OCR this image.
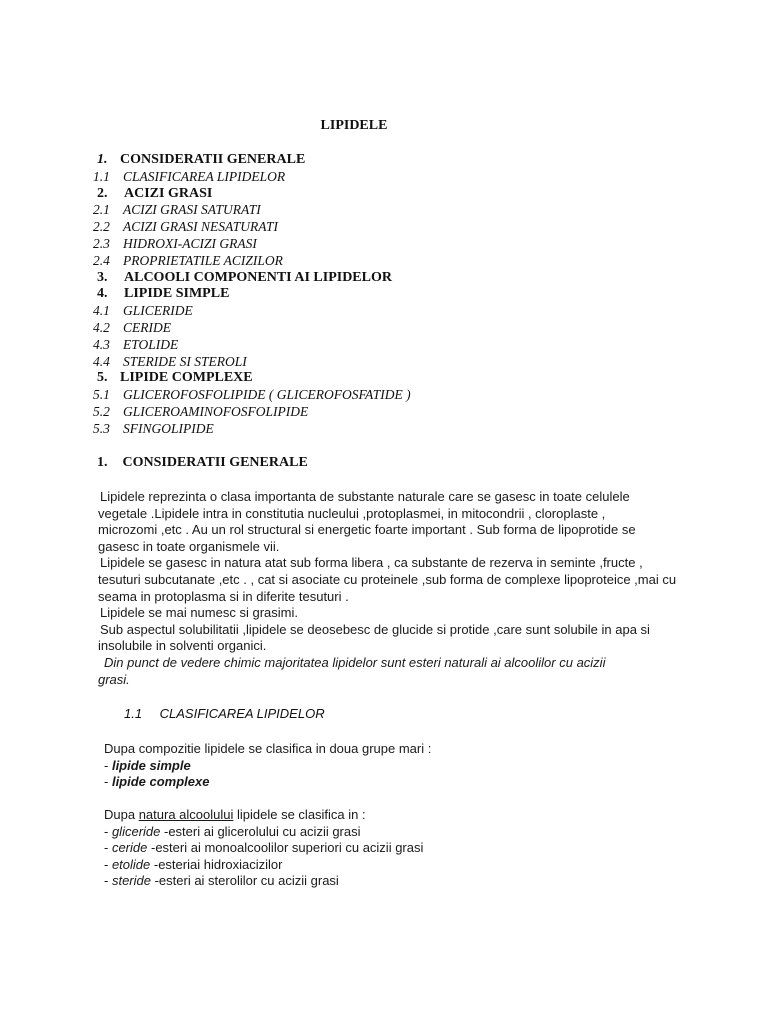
LIPIDELE
1. CONSIDERATII GENERALE
1.1 CLASIFICAREA LIPIDELOR
2. ACIZI GRASI
2.1 ACIZI GRASI SATURATI
2.2 ACIZI GRASI NESATURATI
2.3 HIDROXI-ACIZI GRASI
2.4 PROPRIETATILE ACIZILOR
3. ALCOOLI COMPONENTI AI LIPIDELOR
4. LIPIDE SIMPLE
4.1 GLICERIDE
4.2 CERIDE
4.3 ETOLIDE
4.4 STERIDE SI STEROLI
5. LIPIDE COMPLEXE
5.1 GLICEROFOSFOLIPIDE ( GLICEROFOSFATIDE )
5.2 GLICEROAMINOFOSFOLIPIDE
5.3 SFINGOLIPIDE
1. CONSIDERATII GENERALE
Lipidele reprezinta o clasa importanta de substante naturale care se gasesc in toate celulele
vegetale .Lipidele intra in constitutia nucleului ,protoplasmei, in mitocondrii , cloroplaste ,
microzomi ,etc . Au un rol structural si energetic foarte important . Sub forma de lipoprotide se
gasesc in toate organismele vii.
Lipidele se gasesc in natura atat sub forma libera , ca substante de rezerva in seminte ,fructe ,
tesuturi subcutanate ,etc . , cat si asociate cu proteinele ,sub forma de complexe lipoproteice ,mai cu
seama in protoplasma si in diferite tesuturi .
Lipidele se mai numesc si grasimi.
Sub aspectul solubilitatii ,lipidele se deosebesc de glucide si protide ,care sunt solubile in apa si
insolubile in solventi organici.
Din punct de vedere chimic majoritatea lipidelor sunt esteri naturali ai alcoolilor cu acizii
grasi.
1.1 CLASIFICAREA LIPIDELOR
Dupa compozitie lipidele se clasifica in doua grupe mari :
- lipide simple
- lipide complexe
Dupa natura alcoolului lipidele se clasifica in :
- gliceride -esteri ai glicerolului cu acizii grasi
- ceride -esteri ai monoalcoolilor superiori cu acizii grasi
- etolide -esteriai hidroxiacizilor
- steride -esteri ai sterolilor cu acizii grasi
